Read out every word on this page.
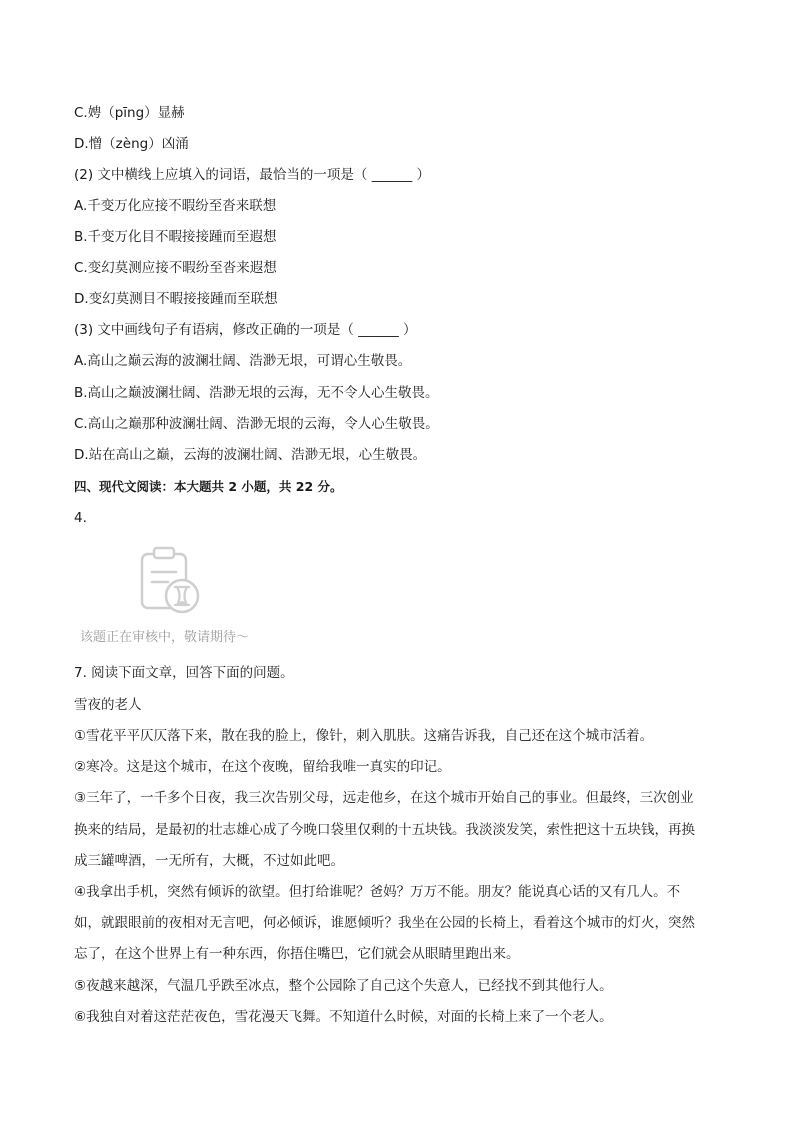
C.娉（pīng）显赫
D.憎（zèng）凶涌
(2) 文中横线上应填入的词语，最恰当的一项是（ ______ ）
A.千变万化应接不暇纷至沓来联想
B.千变万化目不暇接接踵而至遐想
C.变幻莫测应接不暇纷至沓来遐想
D.变幻莫测目不暇接接踵而至联想
(3) 文中画线句子有语病，修改正确的一项是（ ______ ）
A.高山之巅云海的波澜壮阔、浩渺无垠，可谓心生敬畏。
B.高山之巅波澜壮阔、浩渺无垠的云海，无不令人心生敬畏。
C.高山之巅那种波澜壮阔、浩渺无垠的云海，令人心生敬畏。
D.站在高山之巅，云海的波澜壮阔、浩渺无垠，心生敬畏。
四、现代文阅读：本大题共 2 小题，共 22 分。
4.
该题正在审核中，敬请期待～
7. 阅读下面文章，回答下面的问题。
雪夜的老人
①雪花平平仄仄落下来，散在我的脸上，像针，刺入肌肤。这痛告诉我，自己还在这个城市活着。
②寒冷。这是这个城市，在这个夜晚，留给我唯一真实的印记。
③三年了，一千多个日夜，我三次告别父母，远走他乡，在这个城市开始自己的事业。但最终，三次创业
换来的结局，是最初的壮志雄心成了今晚口袋里仅剩的十五块钱。我淡淡发笑，索性把这十五块钱，再换
成三罐啤酒，一无所有，大概，不过如此吧。
④我拿出手机，突然有倾诉的欲望。但打给谁呢？爸妈？万万不能。朋友？能说真心话的又有几人。不
如，就跟眼前的夜相对无言吧，何必倾诉，谁愿倾听？我坐在公园的长椅上，看着这个城市的灯火，突然
忘了，在这个世界上有一种东西，你捂住嘴巴，它们就会从眼睛里跑出来。
⑤夜越来越深，气温几乎跌至冰点，整个公园除了自己这个失意人，已经找不到其他行人。
⑥我独自对着这茫茫夜色，雪花漫天飞舞。不知道什么时候，对面的长椅上来了一个老人。
